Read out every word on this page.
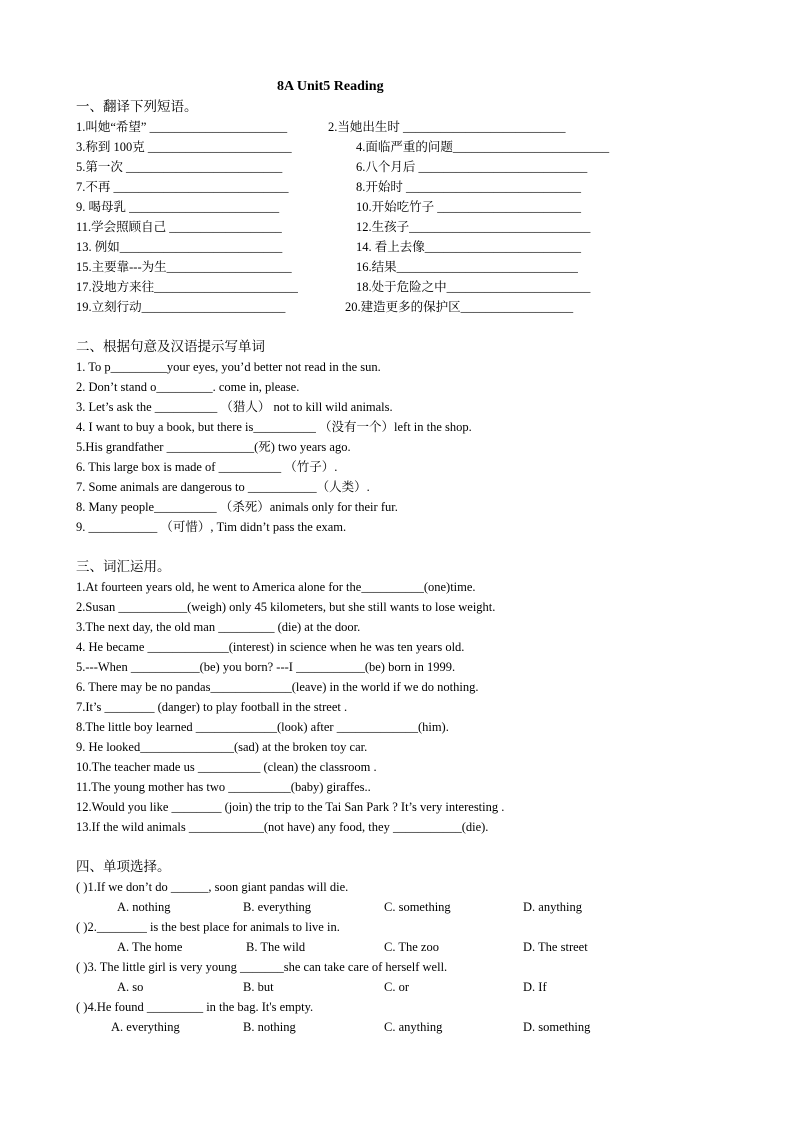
8A Unit5 Reading
一、翻译下列短语。
1.叫她“希望” ______________________	2.当她出生时 __________________________
3.称到 100克 _______________________	4.面临严重的问题_________________________
5.第一次 _________________________	6.八个月后 ___________________________
7.不再 ____________________________	8.开始时 ____________________________
9. 喝母乳 ________________________	10.开始吃竹子 _______________________
11.学会照顾自己 __________________	12.生孩子_____________________________
13. 例如__________________________	14. 看上去像_________________________
15.主要靠---为生____________________	16.结果_____________________________
17.没地方来往_______________________	18.处于危险之中_______________________
19.立刻行动_______________________	20.建造更多的保护区__________________
二、根据句意及汉语提示写单词
1. To p_________your eyes, you’d better not read in the sun.
2. Don’t stand o_________. come in, please.
3. Let’s ask the __________ （猎人） not to kill wild animals.
4. I want to buy a book, but there is__________ （没有一个）left in the shop.
5.His grandfather ______________(死) two years ago.
6. This large box is made of __________ （竹子）.
7. Some animals are dangerous to ___________（人类）.
8. Many people__________ （杀死）animals only for their fur.
9. ___________ （可惜）, Tim didn’t pass the exam.
三、词汇运用。
1.At fourteen years old, he went to America alone for the__________(one)time.
2.Susan ___________(weigh) only 45 kilometers, but she still wants to lose weight.
3.The next day, the old man _________ (die) at the door.
4. He became _____________(interest) in science when he was ten years old.
5.---When ___________(be) you born? ---I ___________(be) born in 1999.
6. There may be no pandas_____________(leave) in the world if we do nothing.
7.It’s ________ (danger) to play football in the street .
8.The little boy learned _____________(look) after _____________(him).
9. He looked_______________(sad) at the broken toy car.
10.The teacher made us __________ (clean) the classroom .
11.The young mother has two __________(baby) giraffes..
12.Would you like ________ (join) the trip to the Tai San Park ? It’s very interesting .
13.If the wild animals ____________(not have) any food, they ___________(die).
四、单项选择。
( )1.If we don’t do ______, soon giant pandas will die.
A. nothing	B. everything	C. something	D. anything
( )2.________ is the best place for animals to live in.
A. The home	B. The wild	C. The zoo	D. The street
( )3. The little girl is very young _______she can take care of herself well.
A. so	B. but	C. or	D. If
( )4.He found _________ in the bag. It's empty.
A. everything	B. nothing	C. anything	D. something
